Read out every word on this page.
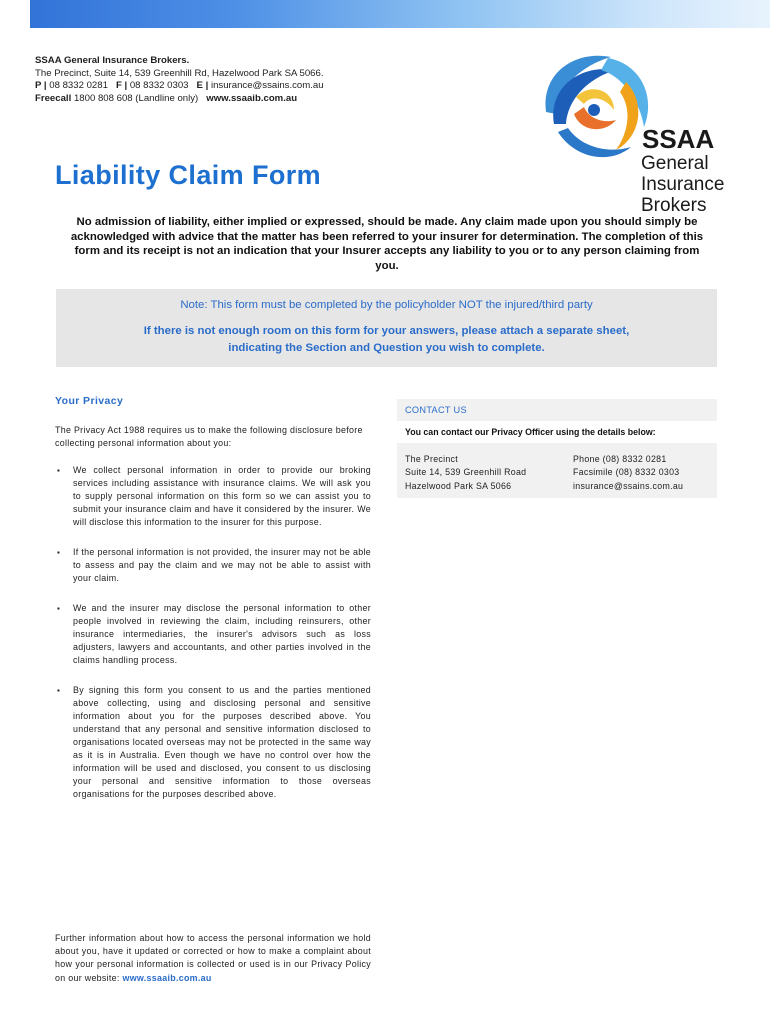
SSAA General Insurance Brokers.
The Precinct, Suite 14, 539 Greenhill Rd, Hazelwood Park SA 5066.
P | 08 8332 0281 F | 08 8332 0303 E | insurance@ssains.com.au
Freecall 1800 808 608 (Landline only) www.ssaaib.com.au
SSAA
General
Insurance
Brokers
Liability Claim Form
No admission of liability, either implied or expressed, should be made. Any claim made upon you should simply be acknowledged with advice that the matter has been referred to your insurer for determination. The completion of this form and its receipt is not an indication that your Insurer accepts any liability to you or to any person claiming from you.
Note: This form must be completed by the policyholder NOT the injured/third party
If there is not enough room on this form for your answers, please attach a separate sheet, indicating the Section and Question you wish to complete.
Your Privacy
The Privacy Act 1988 requires us to make the following disclosure before collecting personal information about you:
▪ We collect personal information in order to provide our broking services including assistance with insurance claims. We will ask you to supply personal information on this form so we can assist you to submit your insurance claim and have it considered by the insurer. We will disclose this information to the insurer for this purpose.
▪ If the personal information is not provided, the insurer may not be able to assess and pay the claim and we may not be able to assist with your claim.
▪ We and the insurer may disclose the personal information to other people involved in reviewing the claim, including reinsurers, other insurance intermediaries, the insurer's advisors such as loss adjusters, lawyers and accountants, and other parties involved in the claims handling process.
▪ By signing this form you consent to us and the parties mentioned above collecting, using and disclosing personal and sensitive information about you for the purposes described above. You understand that any personal and sensitive information disclosed to organisations located overseas may not be protected in the same way as it is in Australia. Even though we have no control over how the information will be used and disclosed, you consent to us disclosing your personal and sensitive information to those overseas organisations for the purposes described above.
Further information about how to access the personal information we hold about you, have it updated or corrected or how to make a complaint about how your personal information is collected or used is in our Privacy Policy on our website: www.ssaaib.com.au
CONTACT US
You can contact our Privacy Officer using the details below:
The Precinct
Suite 14, 539 Greenhill Road
Hazelwood Park SA 5066
Phone (08) 8332 0281
Facsimile (08) 8332 0303
insurance@ssains.com.au
